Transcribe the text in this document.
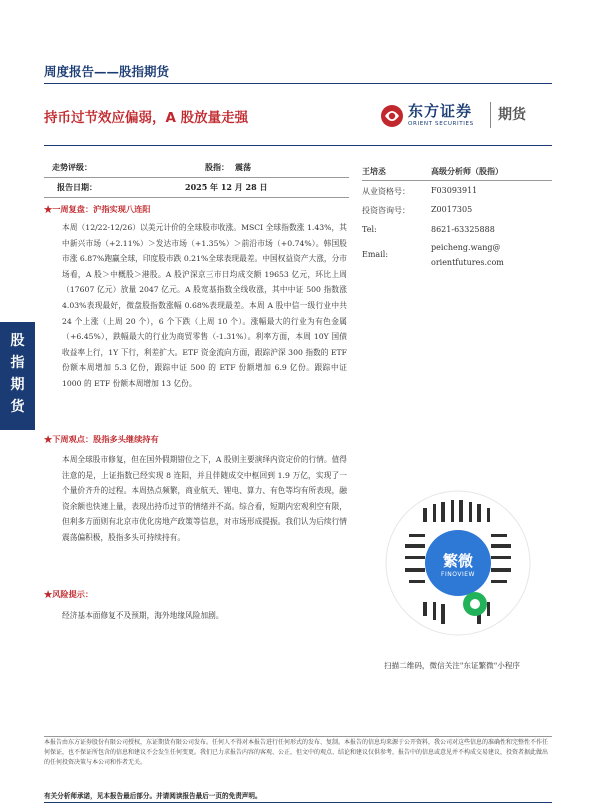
周度报告——股指期货
持币过节效应偏弱，A 股放量走强	东方证券
ORIENT SECURITIES
期货
走势评级：	股指： 震荡
报告日期：	2025 年 12 月 28 日
★一周复盘：沪指实现八连阳

本周（12/22-12/26）以美元计价的全球股市收涨。MSCI 全球指数涨 1.43%，其中新兴市场（+2.11%）＞发达市场（+1.35%）＞前沿市场（+0.74%）。韩国股市涨 6.87%跑赢全球，印度股市跌 0.21%全球表现最差。中国权益资产大涨，分市场看，A 股＞中概股＞港股。A 股沪深京三市日均成交额 19653 亿元，环比上周（17607 亿元）放量 2047 亿元。A 股宽基指数全线收涨，其中中证 500 指数涨 4.03%表现最好，微盘股指数涨幅 0.68%表现最差。本周 A 股中信一级行业中共 24 个上涨（上周 20 个），6 个下跌（上周 10 个）。涨幅最大的行业为有色金属（+6.45%），跌幅最大的行业为商贸零售（-1.31%）。利率方面，本周 10Y 国债收益率上行，1Y 下行，利差扩大。ETF 资金流向方面，跟踪沪深 300 指数的 ETF 份额本周增加 5.3 亿份，跟踪中证 500 的 ETF 份额增加 6.9 亿份。跟踪中证 1000 的 ETF 份额本周增加 13 亿份。

★下周观点：股指多头继续持有

本周全球股市修复，但在国外假期错位之下，A 股则主要演绎内资定价的行情。值得注意的是，上证指数已经实现 8 连阳，并且伴随成交中枢回到 1.9 万亿，实现了一个量价齐升的过程。本周热点频繁，商业航天、锂电、算力、有色等均有所表现，融资余额也快速上量，表现出持币过节的情绪并不高。综合看，短期内宏观利空有限，但利多方面则有北京市优化房地产政策等信息，对市场形成提振。我们认为后续行情震荡偏积极，股指多头可持续持有。

★风险提示：

经济基本面修复不及预期，海外地缘风险加剧。

股
指
期
货
王培丞	高级分析师（股指）
从业资格号：	F03093911
投资咨询号：	Z0017305
Tel:	8621-63325888
Email:
peicheng.wang@
orientfutures.com
繁微
FINOVIEW
扫描二维码，微信关注"东证繁微"小程序
本报告由东方证券股份有限公司授权，东证期货有限公司发布。任何人不得对本报告进行任何形式的发布、复制。本报告的信息均来源于公开资料，我公司对这些信息的准确性和完整性不作任何保证，也不保证所包含的信息和建议不会发生任何变更。我们已力求报告内容的客观、公正，但文中的观点、结论和建议仅供参考，报告中的信息或意见并不构成交易建议，投资者据此做出的任何投资决策与本公司和作者无关。
有关分析师承诺，见本报告最后部分。并请阅读报告最后一页的免责声明。
